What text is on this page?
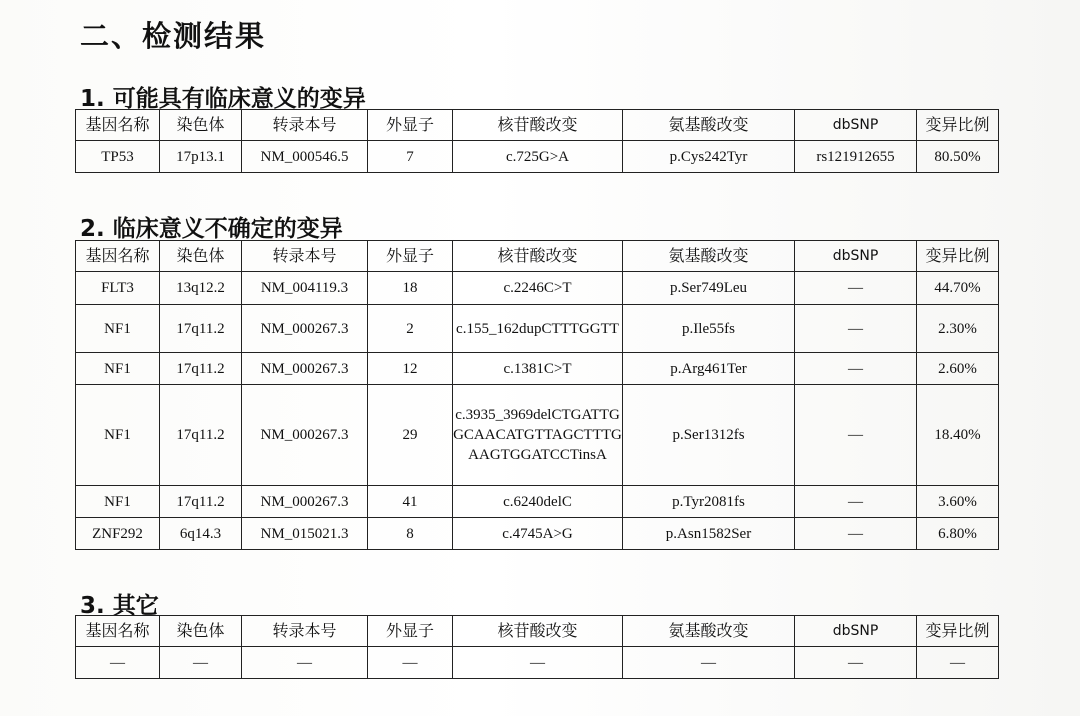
二、检测结果
1. 可能具有临床意义的变异
基因名称	染色体	转录本号	外显子	核苷酸改变	氨基酸改变	dbSNP	变异比例
TP53	17p13.1	NM_000546.5	7	c.725G>A	p.Cys242Tyr	rs121912655	80.50%
2. 临床意义不确定的变异
基因名称	染色体	转录本号	外显子	核苷酸改变	氨基酸改变	dbSNP	变异比例
FLT3	13q12.2	NM_004119.3	18	c.2246C>T	p.Ser749Leu	—	44.70%
NF1	17q11.2	NM_000267.3	2	c.155_162dupCTTTGGTT	p.Ile55fs	—	2.30%
NF1	17q11.2	NM_000267.3	12	c.1381C>T	p.Arg461Ter	—	2.60%
NF1	17q11.2	NM_000267.3	29	c.3935_3969delCTGATTGGCAACATGTTAGCTTTGAAGTGGATCCTinsA	p.Ser1312fs	—	18.40%
NF1	17q11.2	NM_000267.3	41	c.6240delC	p.Tyr2081fs	—	3.60%
ZNF292	6q14.3	NM_015021.3	8	c.4745A>G	p.Asn1582Ser	—	6.80%
3. 其它
基因名称	染色体	转录本号	外显子	核苷酸改变	氨基酸改变	dbSNP	变异比例
—	—	—	—	—	—	—	—
